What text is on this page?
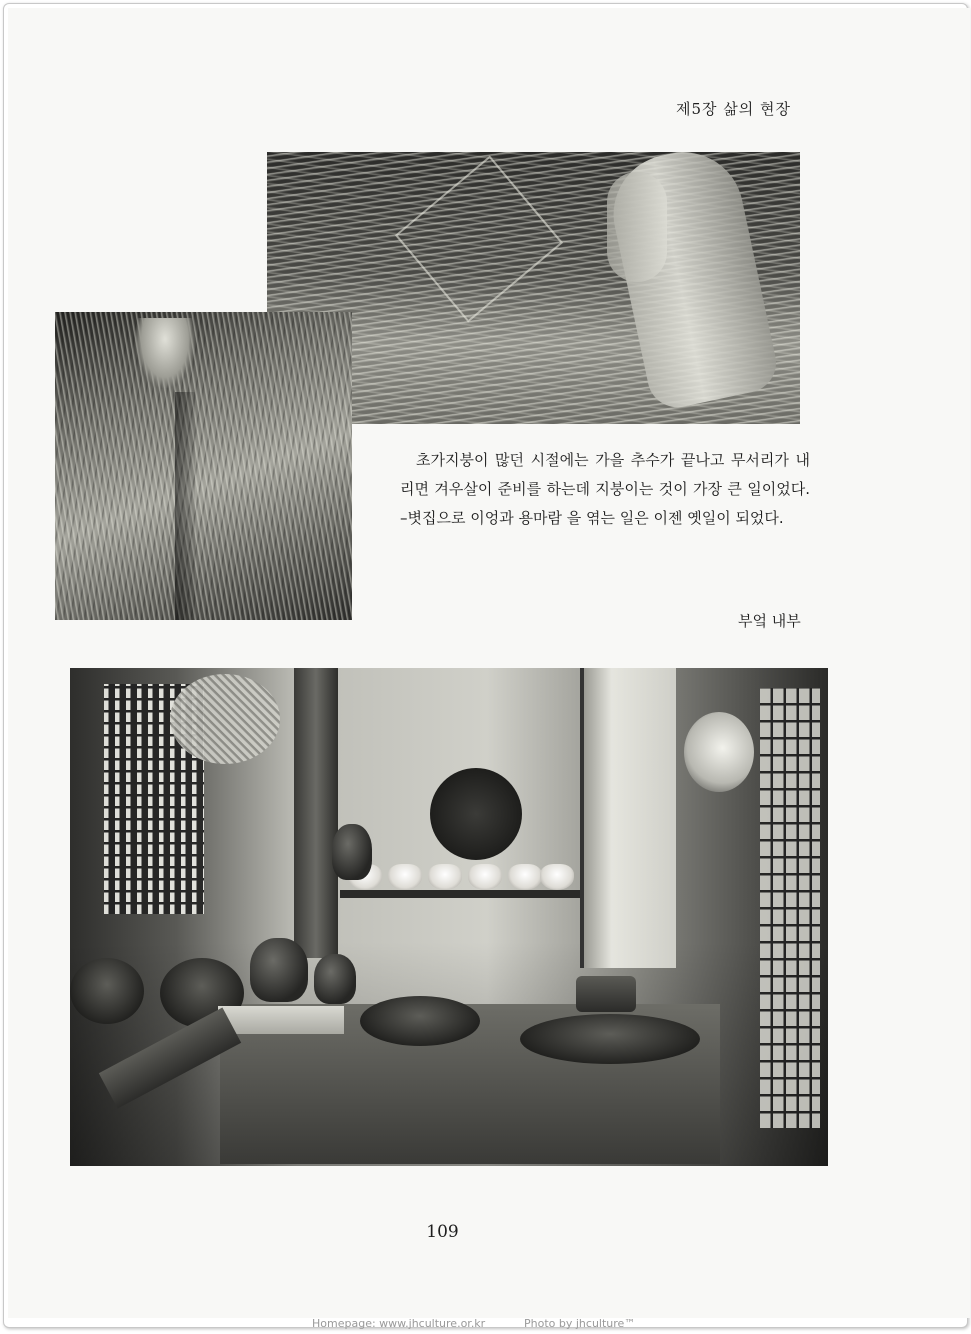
제5장 삶의 현장

초가지붕이 많던 시절에는 가을 추수가 끝나고 무서리가 내리면 겨우살이 준비를 하는데 지붕이는 것이 가장 큰 일이었다. –볏집으로 이엉과 용마람 을 엮는 일은 이젠 옛일이 되었다.

부엌 내부
109
Homepage: www.jhculture.or.kr	Photo by jhculture™
